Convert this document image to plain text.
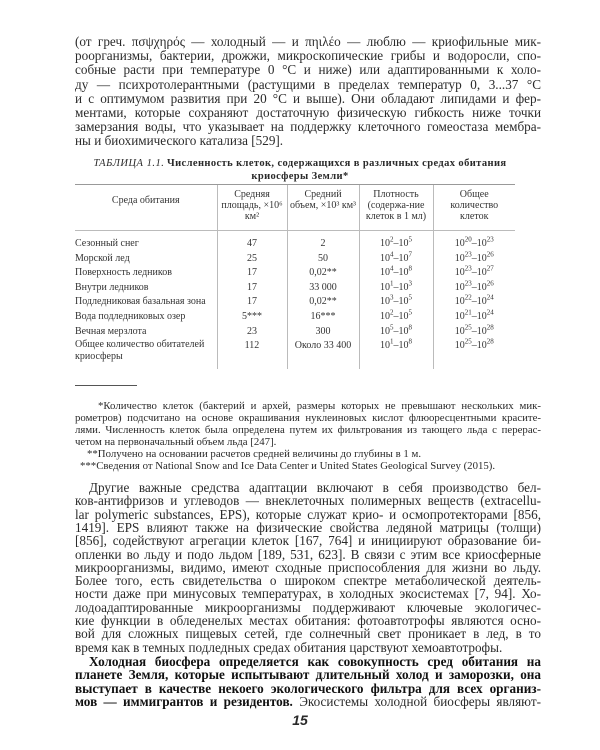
(от греч. πσψχηρός — холодный — и πηιλέο — люблю — криофильные мик-
роорганизмы, бактерии, дрожжи, микроскопические грибы и водоросли, спо-
собные расти при температуре 0 °С и ниже) или адаптированными к холо-
ду — психротолерантными (растущими в пределах температур 0, 3...37 °С
и с оптимумом развития при 20 °С и выше). Они обладают липидами и фер-
ментами, которые сохраняют достаточную физическую гибкость ниже точки
замерзания воды, что указывает на поддержку клеточного гомеостаза мембра-
ны и биохимического катализа [529].
ТАБЛИЦА 1.1. Численность клеток, содержащихся в различных средах обитания
криосферы Земли*
Среда обитания	Средняя площадь, ×10⁶ км²	Средний объем, ×10³ км³	Плотность (содержа-ние клеток в 1 мл)	Общее количество клеток
Сезонный снег	47	2	$10^2-10^5$	$10^{20}-10^{23}$
Морской лед	25	50	$10^4-10^7$	$10^{23}-10^{26}$
Поверхность ледников	17	0,02**	$10^4-10^8$	$10^{23}-10^{27}$
Внутри ледников	17	33 000	$10^1-10^3$	$10^{23}-10^{26}$
Подледниковая базальная зона	17	0,02**	$10^3-10^5$	$10^{22}-10^{24}$
Вода подледниковых озер	5***	16***	$10^2-10^5$	$10^{21}-10^{24}$
Вечная мерзлота	23	300	$10^5-10^8$	$10^{25}-10^{28}$
Общее количество обитателей криосферы	112	Около 33 400	$10^1-10^8$	$10^{25}-10^{28}$

*Количество клеток (бактерий и архей, размеры которых не превышают нескольких мик-
рометров) подсчитано на основе окрашивания нуклеиновых кислот флюоресцентными красите-
лями. Численность клеток была определена путем их фильтрования из тающего льда с перерас-
четом на первоначальный объем льда [247].
**Получено на основании расчетов средней величины до глубины в 1 м.
***Сведения от National Snow and Ice Data Center и United States Geological Survey (2015).
Другие важные средства адаптации включают в себя производство бел-
ков-антифризов и углеводов — внеклеточных полимерных веществ (extracellu-
lar polymeric substances, EPS), которые служат крио- и осмопротекторами [856,
1419]. EPS влияют также на физические свойства ледяной матрицы (толщи)
[856], содействуют агрегации клеток [167, 764] и инициируют образование би-
опленки во льду и подо льдом [189, 531, 623]. В связи с этим все криосферные
микроорганизмы, видимо, имеют сходные приспособления для жизни во льду.
Более того, есть свидетельства о широком спектре метаболической деятель-
ности даже при минусовых температурах, в холодных экосистемах [7, 94]. Хо-
лодоадаптированные микроорганизмы поддерживают ключевые экологичес-
кие функции в обледенелых местах обитания: фотоавтотрофы являются осно-
вой для сложных пищевых сетей, где солнечный свет проникает в лед, в то
время как в темных подледных средах обитания царствуют хемоавтотрофы.
Холодная биосфера определяется как совокупность сред обитания на
планете Земля, которые испытывают длительный холод и заморозки, она
выступает в качестве некоего экологического фильтра для всех организ-
мов — иммигрантов и резидентов. Экосистемы холодной биосферы являют-
15
